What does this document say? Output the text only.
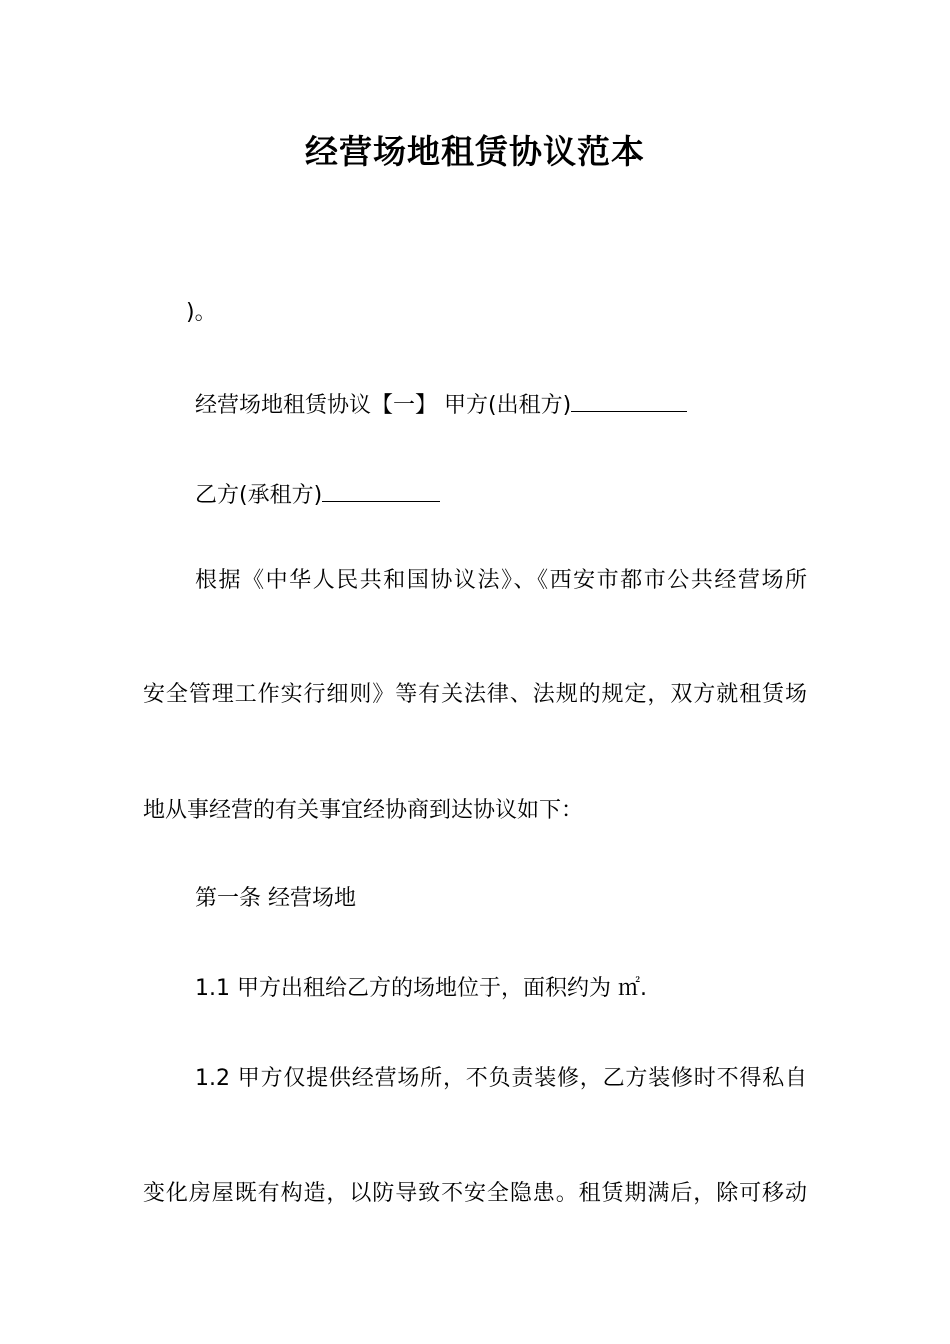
经营场地租赁协议范本
)。
经营场地租赁协议【一】 甲方(出租方)
乙方(承租方)
根据《中华人民共和国协议法》、《西安市都市公共经营场所
安全管理工作实行细则》等有关法律、法规的规定，双方就租赁场
地从事经营的有关事宜经协商到达协议如下：
第一条 经营场地
1.1 甲方出租给乙方的场地位于，面积约为 ㎡.
1.2 甲方仅提供经营场所，不负责装修，乙方装修时不得私自
变化房屋既有构造，以防导致不安全隐患。租赁期满后，除可移动
